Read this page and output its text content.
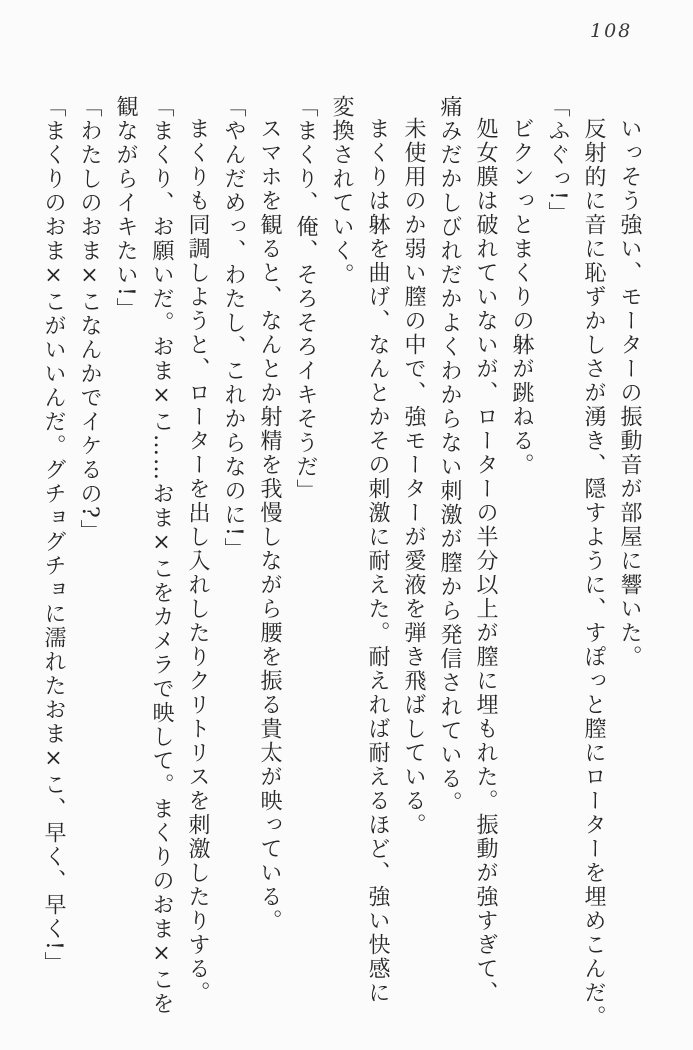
108

いっそう強い、モーターの振動音が部屋に響いた。

反射的に音に恥ずかしさが湧き、隠すように、すぽっと膣にローターを埋めこんだ。

「ふぐっ!」

ビクンっとまくりの躰が跳ねる。

処女膜は破れていないが、ローターの半分以上が膣に埋もれた。振動が強すぎて、

痛みだかしびれだかよくわからない刺激が膣から発信されている。

未使用のか弱い膣の中で、強モーターが愛液を弾き飛ばしている。

まくりは躰を曲げ、なんとかその刺激に耐えた。耐えれば耐えるほど、強い快感に

変換されていく。

「まくり、俺、そろそろイキそうだ」

スマホを観ると、なんとか射精を我慢しながら腰を振る貴太が映っている。

「やんだめっ、わたし、これからなのに!」

まくりも同調しようと、ローターを出し入れしたりクリトリスを刺激したりする。

「まくり、お願いだ。おま×こ……おま×こをカメラで映して。まくりのおま×こを

観ながらイキたい!」

「わたしのおま×こなんかでイケるの?」

「まくりのおま×こがいいんだ。グチョグチョに濡れたおま×こ、早く、早く!」
